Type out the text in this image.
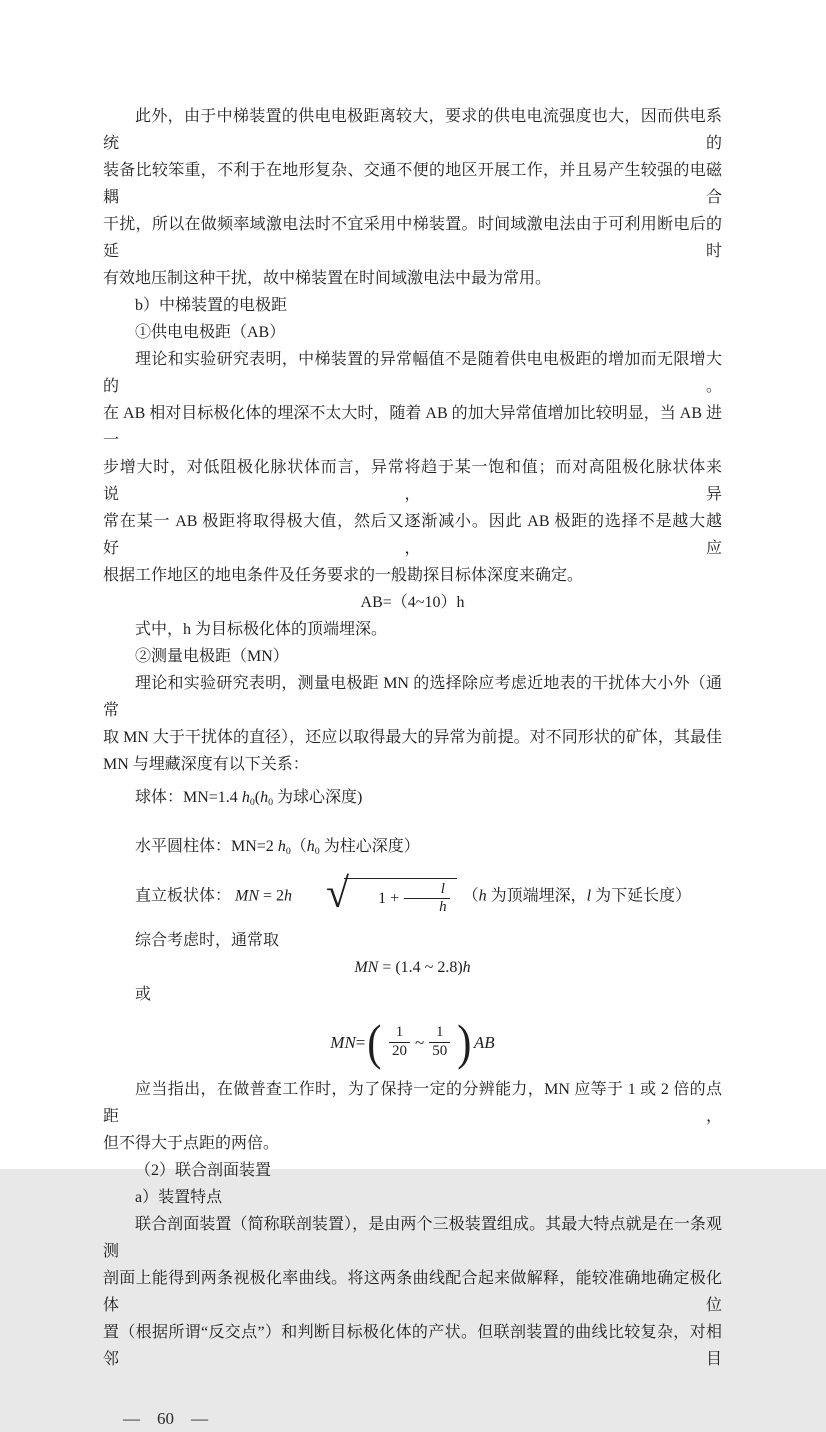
此外，由于中梯装置的供电电极距离较大，要求的供电电流强度也大，因而供电系统的
装备比较笨重，不利于在地形复杂、交通不便的地区开展工作，并且易产生较强的电磁耦合
干扰，所以在做频率域激电法时不宜采用中梯装置。时间域激电法由于可利用断电后的延时
有效地压制这种干扰，故中梯装置在时间域激电法中最为常用。
b）中梯装置的电极距
①供电电极距（AB）
理论和实验研究表明，中梯装置的异常幅值不是随着供电电极距的增加而无限增大的。
在 AB 相对目标极化体的埋深不太大时，随着 AB 的加大异常值增加比较明显，当 AB 进一
步增大时，对低阻极化脉状体而言，异常将趋于某一饱和值；而对高阻极化脉状体来说，异
常在某一 AB 极距将取得极大值，然后又逐渐减小。因此 AB 极距的选择不是越大越好，应
根据工作地区的地电条件及任务要求的一般勘探目标体深度来确定。
AB=（4~10）h
式中，h 为目标极化体的顶端埋深。
②测量电极距（MN）
理论和实验研究表明，测量电极距 MN 的选择除应考虑近地表的干扰体大小外（通常
取 MN 大于干扰体的直径），还应以取得最大的异常为前提。对不同形状的矿体，其最佳
MN 与埋藏深度有以下关系：
球体：MN=1.4 $h_0(h_0$ 为球心深度)
水平圆柱体：MN=2 $h_0(h_0$ 为柱心深度）
直立板状体： MN = 2h √	$1 + \frac{l}{h} (h$ 为顶端埋深，l 为下延长度）
综合考虑时，通常取
MN = (1.4 ~ 2.8)h
或
MN = ( $\frac{1}{20}$ ~ $\frac{1}{50}$ ) AB
应当指出，在做普查工作时，为了保持一定的分辨能力，MN 应等于 1 或 2 倍的点距，
但不得大于点距的两倍。
（2）联合剖面装置
a）装置特点
联合剖面装置（简称联剖装置），是由两个三极装置组成。其最大特点就是在一条观测
剖面上能得到两条视极化率曲线。将这两条曲线配合起来做解释，能较准确地确定极化体位
置（根据所谓“反交点”）和判断目标极化体的产状。但联剖装置的曲线比较复杂，对相邻目
— 60 —
